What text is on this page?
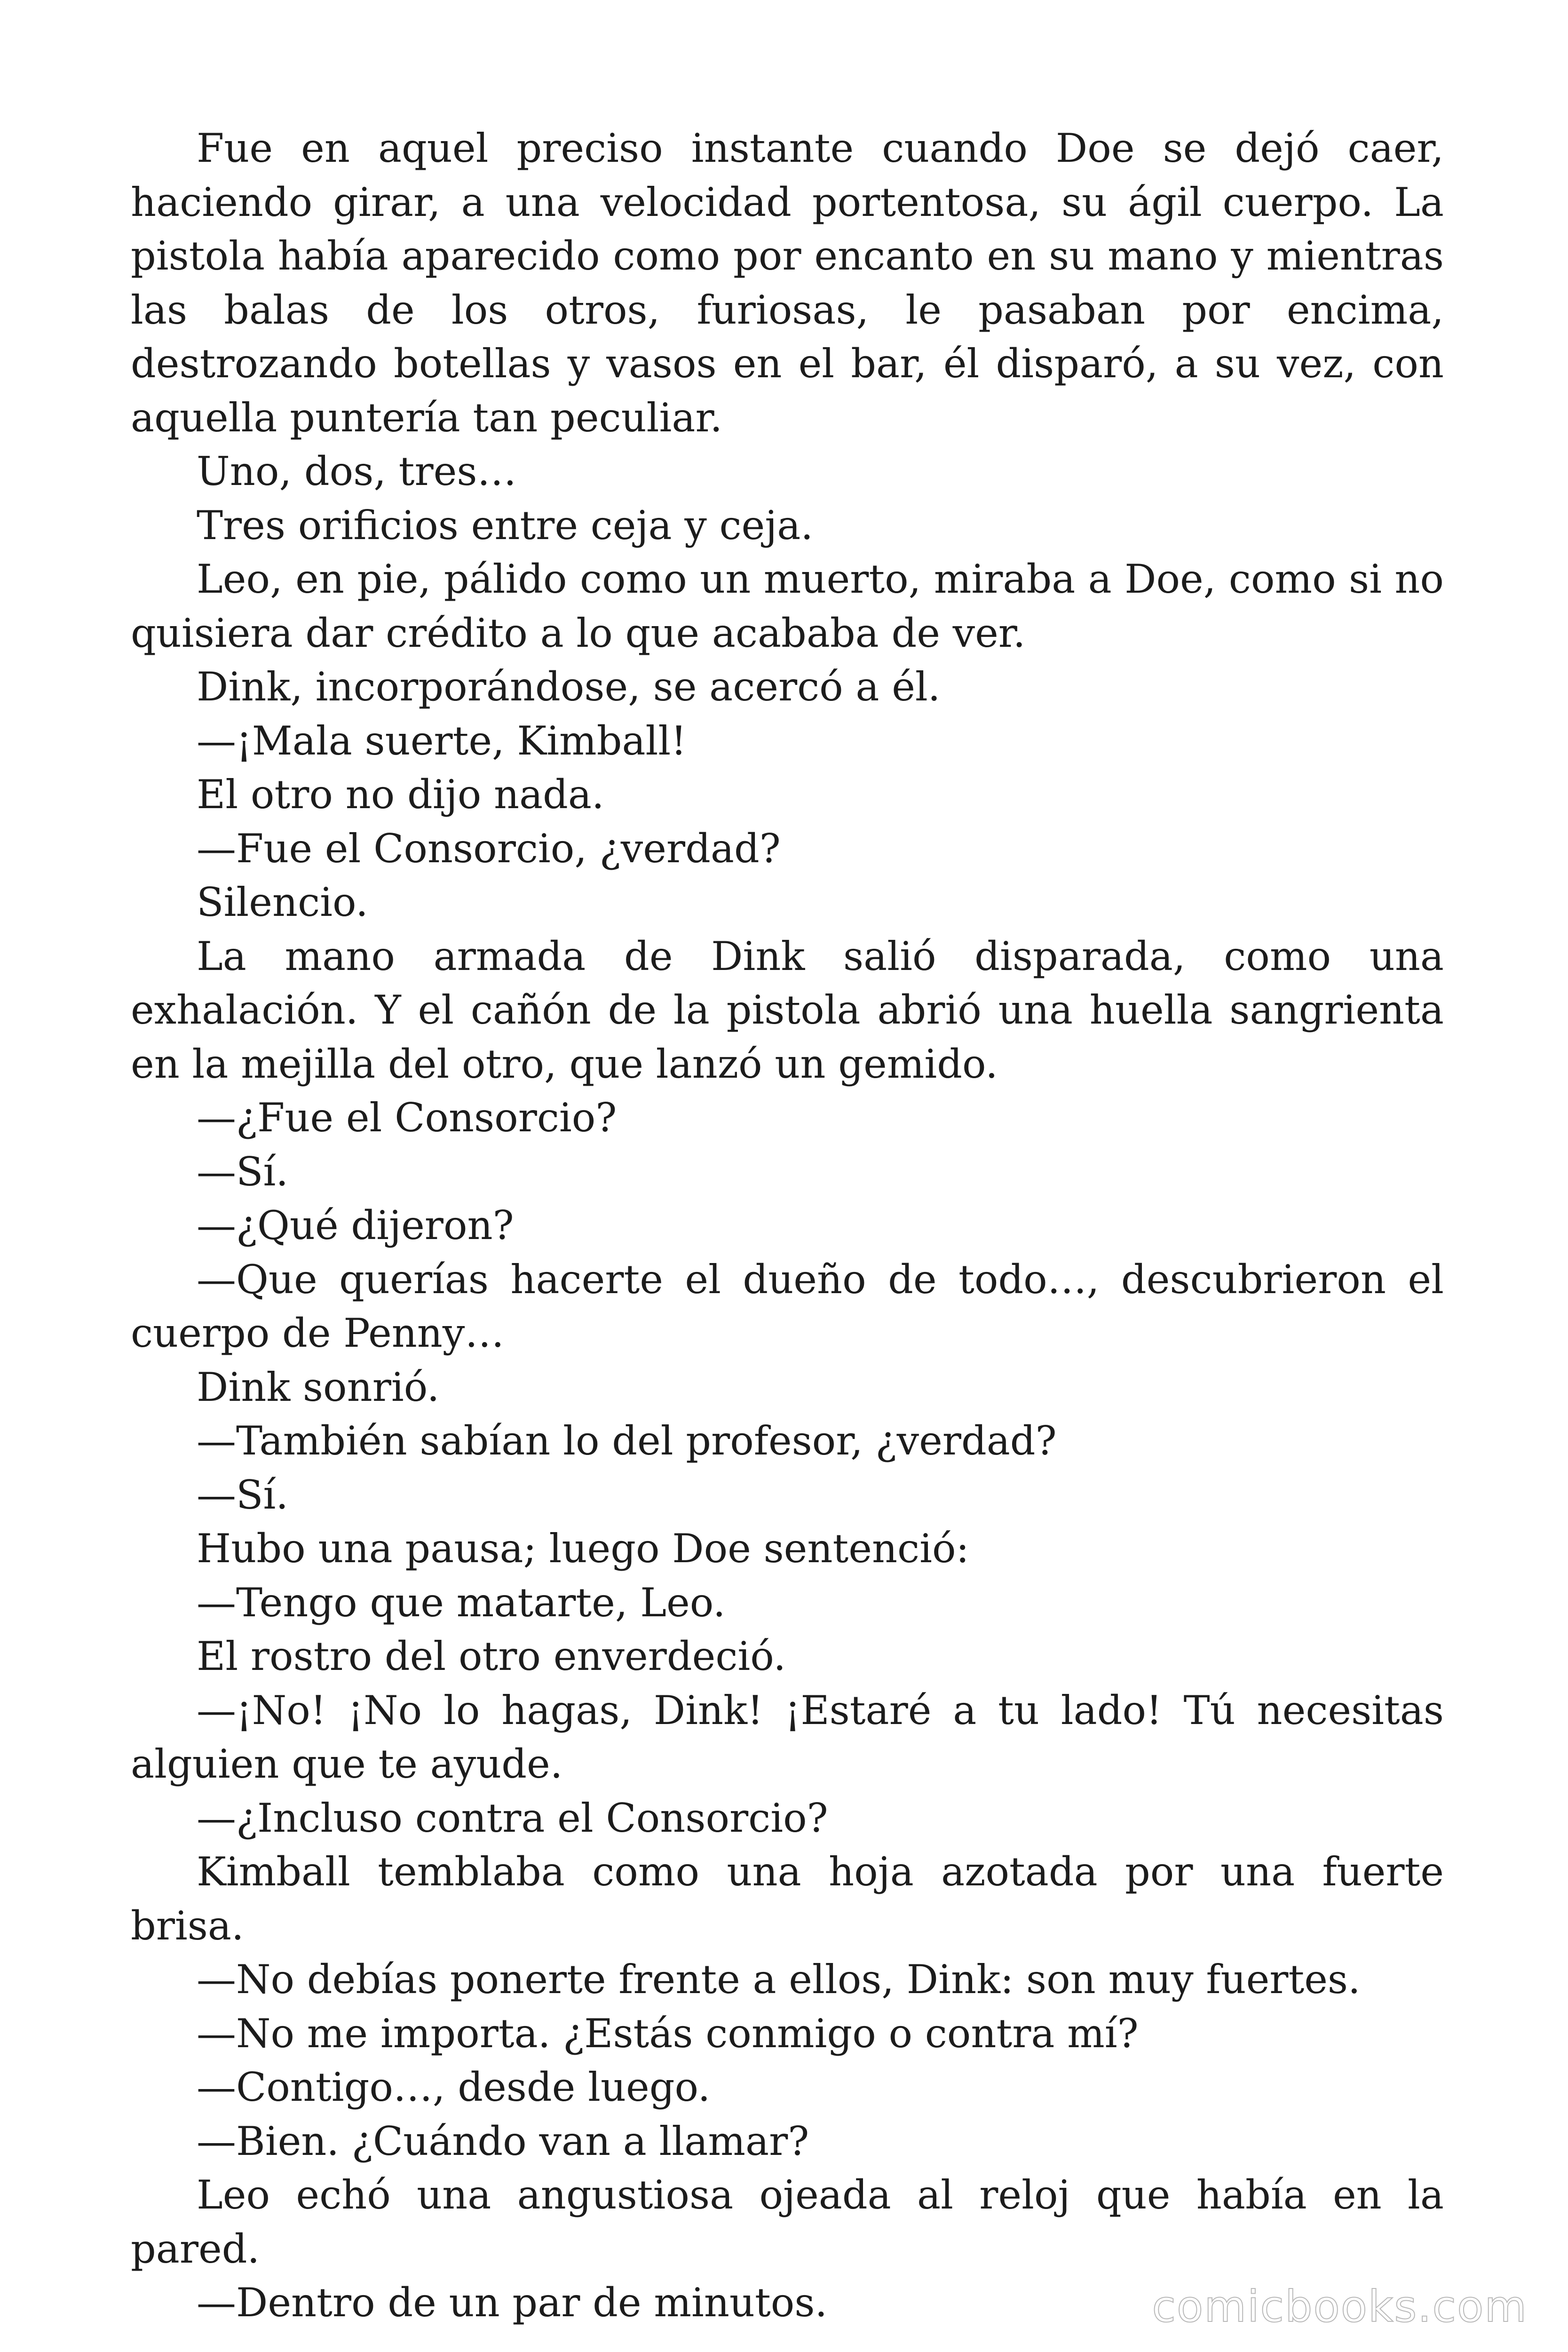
Fue en aquel preciso instante cuando Doe se dejó caer, haciendo girar, a una velocidad portentosa, su ágil cuerpo. La pistola había aparecido como por encanto en su mano y mientras las balas de los otros, furiosas, le pasaban por encima, destrozando botellas y vasos en el bar, él disparó, a su vez, con aquella puntería tan peculiar.

Uno, dos, tres…

Tres orificios entre ceja y ceja.

Leo, en pie, pálido como un muerto, miraba a Doe, como si no quisiera dar crédito a lo que acababa de ver.

Dink, incorporándose, se acercó a él.

—¡Mala suerte, Kimball!

El otro no dijo nada.

—Fue el Consorcio, ¿verdad?

Silencio.

La mano armada de Dink salió disparada, como una exhalación. Y el cañón de la pistola abrió una huella sangrienta en la mejilla del otro, que lanzó un gemido.

—¿Fue el Consorcio?

—Sí.

—¿Qué dijeron?

—Que querías hacerte el dueño de todo…, descubrieron el cuerpo de Penny…

Dink sonrió.

—También sabían lo del profesor, ¿verdad?

—Sí.

Hubo una pausa; luego Doe sentenció:

—Tengo que matarte, Leo.

El rostro del otro enverdeció.

—¡No! ¡No lo hagas, Dink! ¡Estaré a tu lado! Tú necesitas alguien que te ayude.

—¿Incluso contra el Consorcio?

Kimball temblaba como una hoja azotada por una fuerte brisa.

—No debías ponerte frente a ellos, Dink: son muy fuertes.

—No me importa. ¿Estás conmigo o contra mí?

—Contigo…, desde luego.

—Bien. ¿Cuándo van a llamar?

Leo echó una angustiosa ojeada al reloj que había en la pared.

—Dentro de un par de minutos.	comicbooks.com
